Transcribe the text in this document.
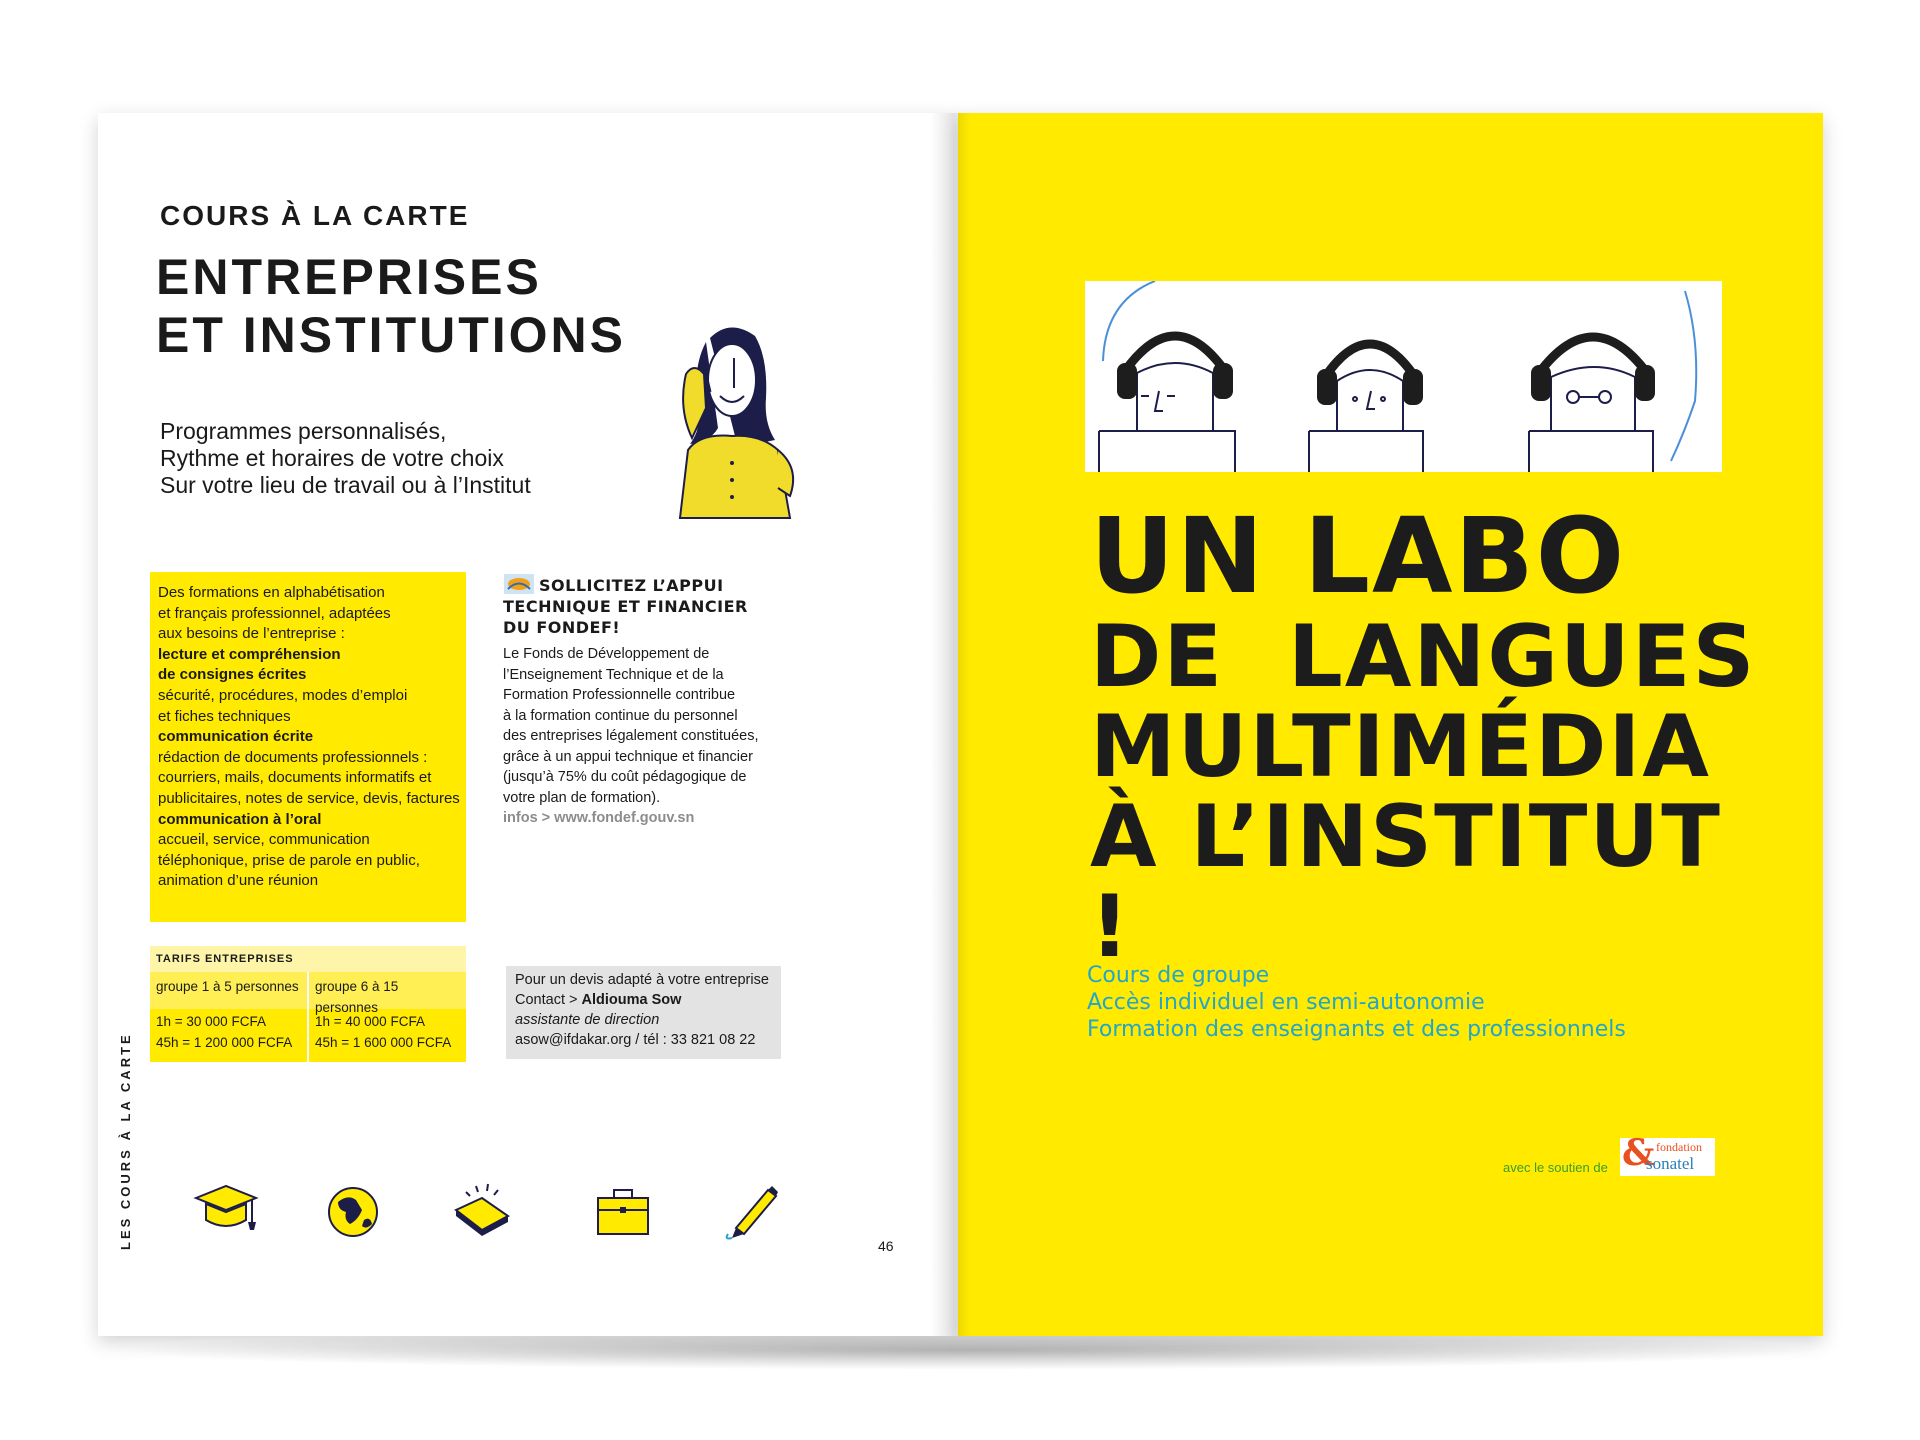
COURS À LA CARTE
ENTREPRISES
ET INSTITUTIONS
Programmes personnalisés,
Rythme et horaires de votre choix
Sur votre lieu de travail ou à l’Institut
Des formations en alphabétisation
et français professionnel, adaptées
aux besoins de l’entreprise :
lecture et compréhension
de consignes écrites
sécurité, procédures, modes d’emploi
et fiches techniques
communication écrite
rédaction de documents professionnels :
courriers, mails, documents informatifs et
publicitaires, notes de service, devis, factures
communication à l’oral
accueil, service, communication
téléphonique, prise de parole en public,
animation d’une réunion
SOLLICITEZ L’APPUI
TECHNIQUE ET FINANCIER
DU FONDEF!
Le Fonds de Développement de
l’Enseignement Technique et de la
Formation Professionnelle contribue
à la formation continue du personnel
des entreprises légalement constituées,
grâce à un appui technique et financier
(jusqu’à 75% du coût pédagogique de
votre plan de formation).
infos > www.fondef.gouv.sn
TARIFS ENTREPRISES
groupe 1 à 5 personnes
1h = 30 000 FCFA
45h = 1 200 000 FCFA
groupe 6 à 15 personnes
1h = 40 000 FCFA
45h = 1 600 000 FCFA
Pour un devis adapté à votre entreprise
Contact > Aldiouma Sow
assistante de direction
asow@ifdakar.org / tél : 33 821 08 22
LES COURS À LA CARTE	46
UN LABO
DE  LANGUES
MULTIMÉDIA
À L’INSTITUT !
Cours de groupe
Accès individuel en semi-autonomie
Formation des enseignants et des professionnels
avec le soutien de & fondation
sonatel
